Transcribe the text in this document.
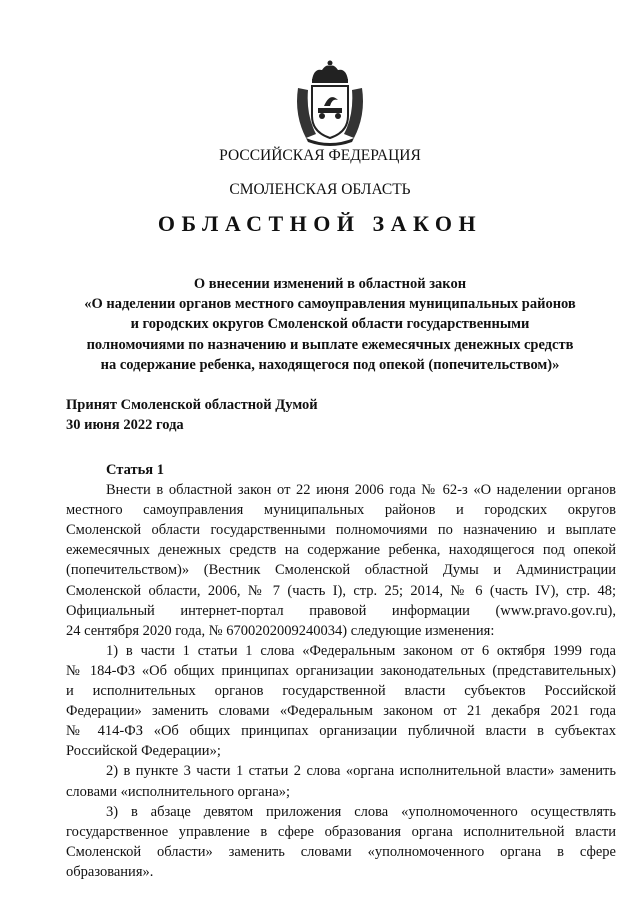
РОССИЙСКАЯ ФЕДЕРАЦИЯ
СМОЛЕНСКАЯ ОБЛАСТЬ
ОБЛАСТНОЙ ЗАКОН
О внесении изменений в областной закон
«О наделении органов местного самоуправления муниципальных районов
и городских округов Смоленской области государственными
полномочиями по назначению и выплате ежемесячных денежных средств
на содержание ребенка, находящегося под опекой (попечительством)»
Принят Смоленской областной Думой
30 июня 2022 года
Статья 1
Внести в областной закон от 22 июня 2006 года № 62-з «О наделении органов
местного самоуправления муниципальных районов и городских округов
Смоленской области государственными полномочиями по назначению и выплате
ежемесячных денежных средств на содержание ребенка, находящегося под опекой
(попечительством)» (Вестник Смоленской областной Думы и Администрации
Смоленской области, 2006, № 7 (часть I), стр. 25; 2014, № 6 (часть IV), стр. 48;
Официальный интернет-портал правовой информации (www.pravo.gov.ru),
24 сентября 2020 года, № 6700202009240034) следующие изменения:
1) в части 1 статьи 1 слова «Федеральным законом от 6 октября 1999 года
№ 184-ФЗ «Об общих принципах организации законодательных (представительных)
и исполнительных органов государственной власти субъектов Российской
Федерации» заменить словами «Федеральным законом от 21 декабря 2021 года
№ 414-ФЗ «Об общих принципах организации публичной власти в субъектах
Российской Федерации»;
2) в пункте 3 части 1 статьи 2 слова «органа исполнительной власти» заменить
словами «исполнительного органа»;
3) в абзаце девятом приложения слова «уполномоченного осуществлять
государственное управление в сфере образования органа исполнительной власти
Смоленской области» заменить словами «уполномоченного органа в сфере
образования».
